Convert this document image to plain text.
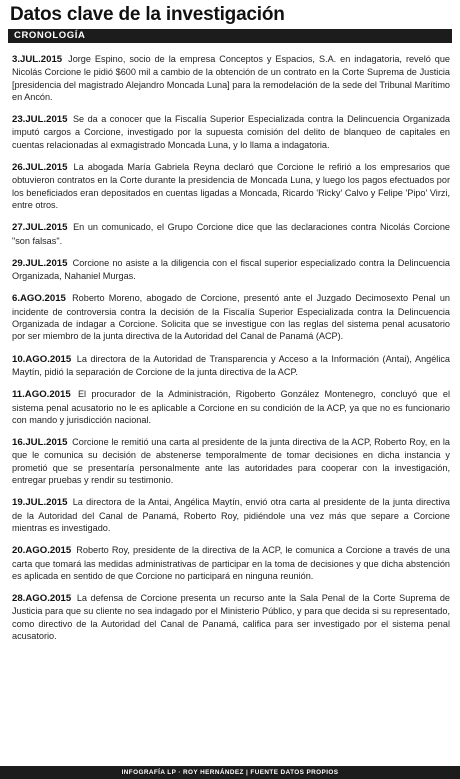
Datos clave de la investigación
CRONOLOGÍA

3.JUL.2015 Jorge Espino, socio de la empresa Conceptos y Espacios, S.A. en indagatoria, reveló que Nicolás Corcione le pidió $600 mil a cambio de la obtención de un contrato en la Corte Suprema de Justicia [presidencia del magistrado Alejandro Moncada Luna] para la remodelación de la sede del Tribunal Marítimo en Ancón.

23.JUL.2015 Se da a conocer que la Fiscalía Superior Especializada contra la Delincuencia Organizada imputó cargos a Corcione, investigado por la supuesta comisión del delito de blanqueo de capitales en cuentas relacionadas al exmagistrado Moncada Luna, y lo llama a indagatoria.

26.JUL.2015 La abogada María Gabriela Reyna declaró que Corcione le refirió a los empresarios que obtuvieron contratos en la Corte durante la presidencia de Moncada Luna, y luego los pagos efectuados por los beneficiados eran depositados en cuentas ligadas a Moncada, Ricardo 'Ricky' Calvo y Felipe 'Pipo' Virzi, entre otros.

27.JUL.2015 En un comunicado, el Grupo Corcione dice que las declaraciones contra Nicolás Corcione "son falsas".

29.JUL.2015 Corcione no asiste a la diligencia con el fiscal superior especializado contra la Delincuencia Organizada, Nahaniel Murgas.

6.AGO.2015 Roberto Moreno, abogado de Corcione, presentó ante el Juzgado Decimosexto Penal un incidente de controversia contra la decisión de la Fiscalía Superior Especializada contra la Delincuencia Organizada de indagar a Corcione. Solicita que se investigue con las reglas del sistema penal acusatorio por ser miembro de la junta directiva de la Autoridad del Canal de Panamá (ACP).

10.AGO.2015 La directora de la Autoridad de Transparencia y Acceso a la Información (Antai), Angélica Maytín, pidió la separación de Corcione de la junta directiva de la ACP.

11.AGO.2015 El procurador de la Administración, Rigoberto González Montenegro, concluyó que el sistema penal acusatorio no le es aplicable a Corcione en su condición de la ACP, ya que no es funcionario con mando y jurisdicción nacional.

16.JUL.2015 Corcione le remitió una carta al presidente de la junta directiva de la ACP, Roberto Roy, en la que le comunica su decisión de abstenerse temporalmente de tomar decisiones en dicha instancia y prometió que se presentaría personalmente ante las autoridades para cooperar con la investigación, entregar pruebas y rendir su testimonio.

19.JUL.2015 La directora de la Antai, Angélica Maytín, envió otra carta al presidente de la junta directiva de la Autoridad del Canal de Panamá, Roberto Roy, pidiéndole una vez más que separe a Corcione mientras es investigado.

20.AGO.2015 Roberto Roy, presidente de la directiva de la ACP, le comunica a Corcione a través de una carta que tomará las medidas administrativas de participar en la toma de decisiones y que dicha abstención es aplicada en sentido de que Corcione no participará en ninguna reunión.

28.AGO.2015 La defensa de Corcione presenta un recurso ante la Sala Penal de la Corte Suprema de Justicia para que su cliente no sea indagado por el Ministerio Público, y para que decida si su representado, como directivo de la Autoridad del Canal de Panamá, califica para ser investigado por el sistema penal acusatorio.

INFOGRAFÍA LP · ROY HERNÁNDEZ | FUENTE DATOS PROPIOS
